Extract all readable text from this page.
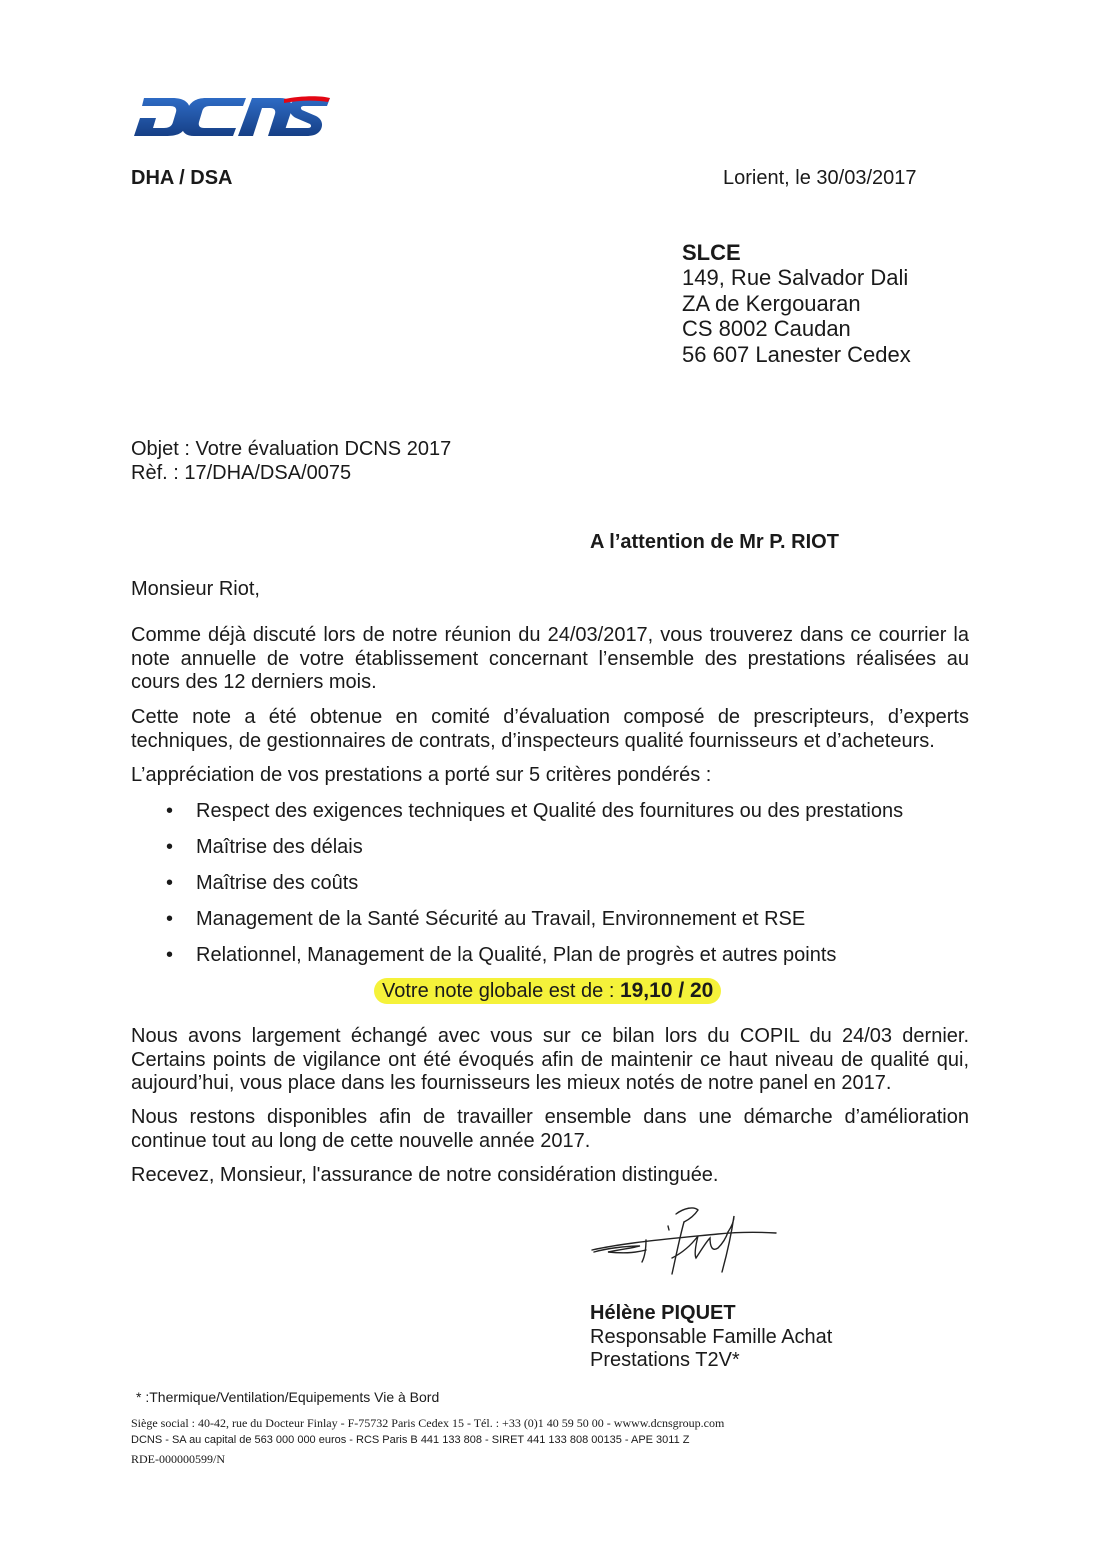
DHA / DSA	Lorient, le 30/03/2017
SLCE
149, Rue Salvador Dali
ZA de Kergouaran
CS 8002 Caudan
56 607 Lanester Cedex
Objet : Votre évaluation DCNS 2017
Rèf. : 17/DHA/DSA/0075
A l’attention de Mr P. RIOT
Monsieur Riot,
Comme déjà discuté lors de notre réunion du 24/03/2017, vous trouverez dans ce courrier la note annuelle de votre établissement concernant l’ensemble des prestations réalisées au cours des 12 derniers mois.
Cette note a été obtenue en comité d’évaluation composé de prescripteurs, d’experts techniques, de gestionnaires de contrats, d’inspecteurs qualité fournisseurs et d’acheteurs.
L’appréciation de vos prestations a porté sur 5 critères pondérés :
• Respect des exigences techniques et Qualité des fournitures ou des prestations
• Maîtrise des délais
• Maîtrise des coûts
• Management de la Santé Sécurité au Travail, Environnement et RSE
• Relationnel, Management de la Qualité, Plan de progrès et autres points
Votre note globale est de : 19,10 / 20
Nous avons largement échangé avec vous sur ce bilan lors du COPIL du 24/03 dernier. Certains points de vigilance ont été évoqués afin de maintenir ce haut niveau de qualité qui, aujourd’hui, vous place dans les fournisseurs les mieux notés de notre panel en 2017.
Nous restons disponibles afin de travailler ensemble dans une démarche d’amélioration continue tout au long de cette nouvelle année 2017.
Recevez, Monsieur, l'assurance de notre considération distinguée.
Hélène PIQUET
Responsable Famille Achat
Prestations T2V*
* :Thermique/Ventilation/Equipements Vie à Bord
Siège social : 40-42, rue du Docteur Finlay - F-75732 Paris Cedex 15 - Tél. : +33 (0)1 40 59 50 00 - wwww.dcnsgroup.com
DCNS - SA au capital de 563 000 000 euros - RCS Paris B 441 133 808 - SIRET 441 133 808 00135 - APE 3011 Z
RDE-000000599/N
